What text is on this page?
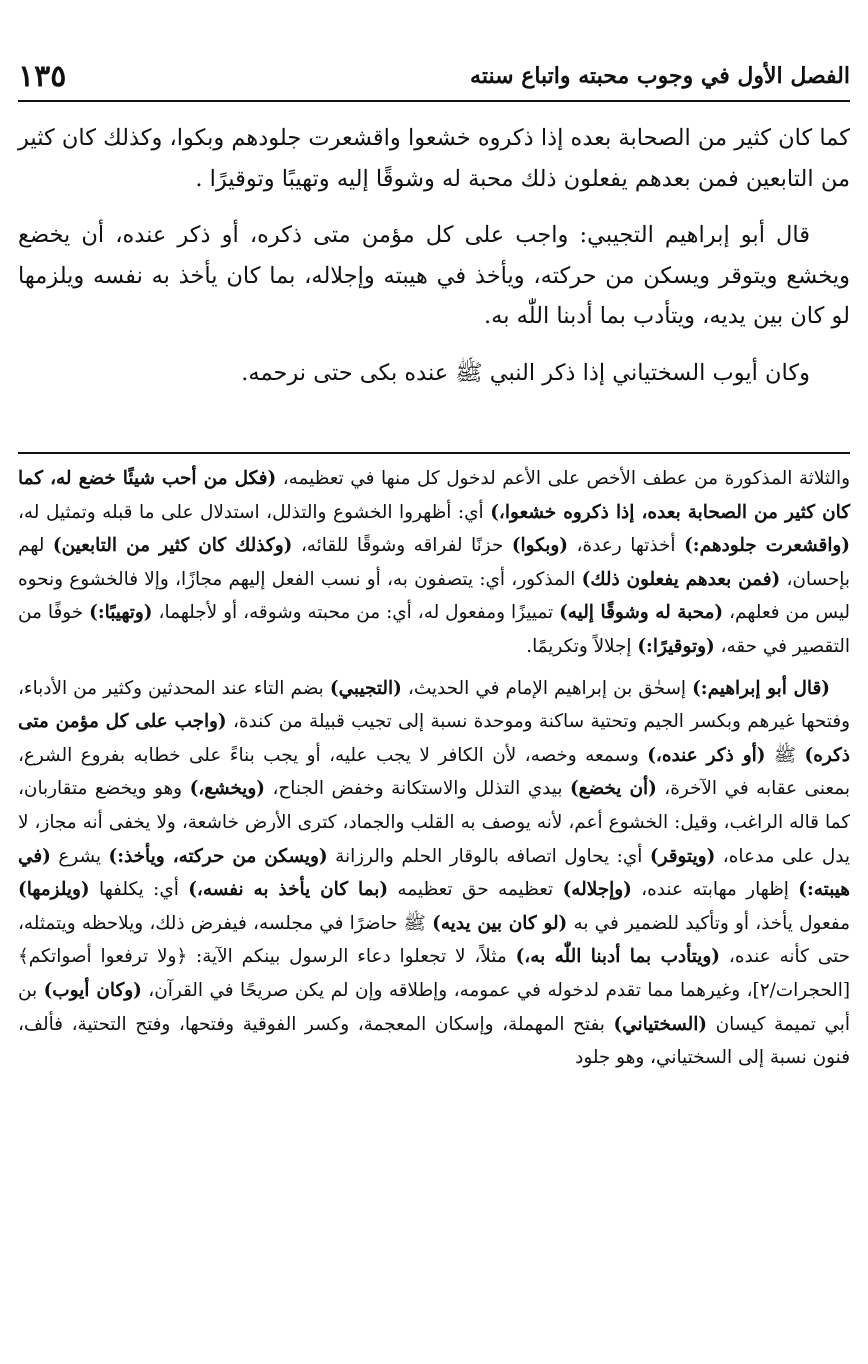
الفصل الأول في وجوب محبته واتباع سنته
١٣٥

كما كان كثير من الصحابة بعده إذا ذكروه خشعوا واقشعرت جلودهم وبكوا، وكذلك كان كثير من التابعين فمن بعدهم يفعلون ذلك محبة له وشوقًا إليه وتهيبًا وتوقيرًا .

قال أبو إبراهيم التجيبي: واجب على كل مؤمن متى ذكره، أو ذكر عنده، أن يخضع ويخشع ويتوقر ويسكن من حركته، ويأخذ في هيبته وإجلاله، بما كان يأخذ به نفسه ويلزمها لو كان بين يديه، ويتأدب بما أدبنا اللّٰه به.

وكان أيوب السختياني إذا ذكر النبي ﷺ عنده بكى حتى نرحمه.

والثلاثة المذكورة من عطف الأخص على الأعم لدخول كل منها في تعظيمه، (فكل من أحب شيئًا خضع له، كما كان كثير من الصحابة بعده، إذا ذكروه خشعوا،) أي: أظهروا الخشوع والتذلل، استدلال على ما قبله وتمثيل له، (واقشعرت جلودهم:) أخذتها رعدة، (وبكوا) حزنًا لفراقه وشوقًا للقائه، (وكذلك كان كثير من التابعين) لهم بإحسان، (فمن بعدهم يفعلون ذلك) المذكور، أي: يتصفون به، أو نسب الفعل إليهم مجازًا، وإلا فالخشوع ونحوه ليس من فعلهم، (محبة له وشوقًا إليه) تمييزًا ومفعول له، أي: من محبته وشوقه، أو لأجلهما، (وتهيبًا:) خوفًا من التقصير في حقه، (وتوقيرًا:) إجلالاً وتكريمًا.

(قال أبو إبراهيم:) إسحٰق بن إبراهيم الإمام في الحديث، (التجيبي) بضم التاء عند المحدثين وكثير من الأدباء، وفتحها غيرهم وبكسر الجيم وتحتية ساكنة وموحدة نسبة إلى تجيب قبيلة من كندة، (واجب على كل مؤمن متى ذكره) ﷺ (أو ذكر عنده،) وسمعه وخصه، لأن الكافر لا يجب عليه، أو يجب بناءً على خطابه بفروع الشرع، بمعنى عقابه في الآخرة، (أن يخضع) بيدي التذلل والاستكانة وخفض الجناح، (ويخشع،) وهو ويخضع متقاربان، كما قاله الراغب، وقيل: الخشوع أعم، لأنه يوصف به القلب والجماد، كترى الأرض خاشعة، ولا يخفى أنه مجاز، لا يدل على مدعاه، (ويتوقر) أي: يحاول اتصافه بالوقار الحلم والرزانة (ويسكن من حركته، ويأخذ:) يشرع (في هيبته:) إظهار مهابته عنده، (وإجلاله) تعظيمه حق تعظيمه (بما كان يأخذ به نفسه،) أي: يكلفها (ويلزمها) مفعول يأخذ، أو وتأكيد للضمير في به (لو كان بين يديه) ﷺ حاضرًا في مجلسه، فيفرض ذلك، ويلاحظه ويتمثله، حتى كأنه عنده، (ويتأدب بما أدبنا اللّٰه به،) مثلاً، لا تجعلوا دعاء الرسول بينكم الآية: ﴿ولا ترفعوا أصواتكم﴾ [الحجرات/٢]، وغيرهما مما تقدم لدخوله في عمومه، وإطلاقه وإن لم يكن صريحًا في القرآن، (وكان أيوب) بن أبي تميمة كيسان (السختياني) بفتح المهملة، وإسكان المعجمة، وكسر الفوقية وفتحها، وفتح التحتية، فألف، فنون نسبة إلى السختياني، وهو جلود
